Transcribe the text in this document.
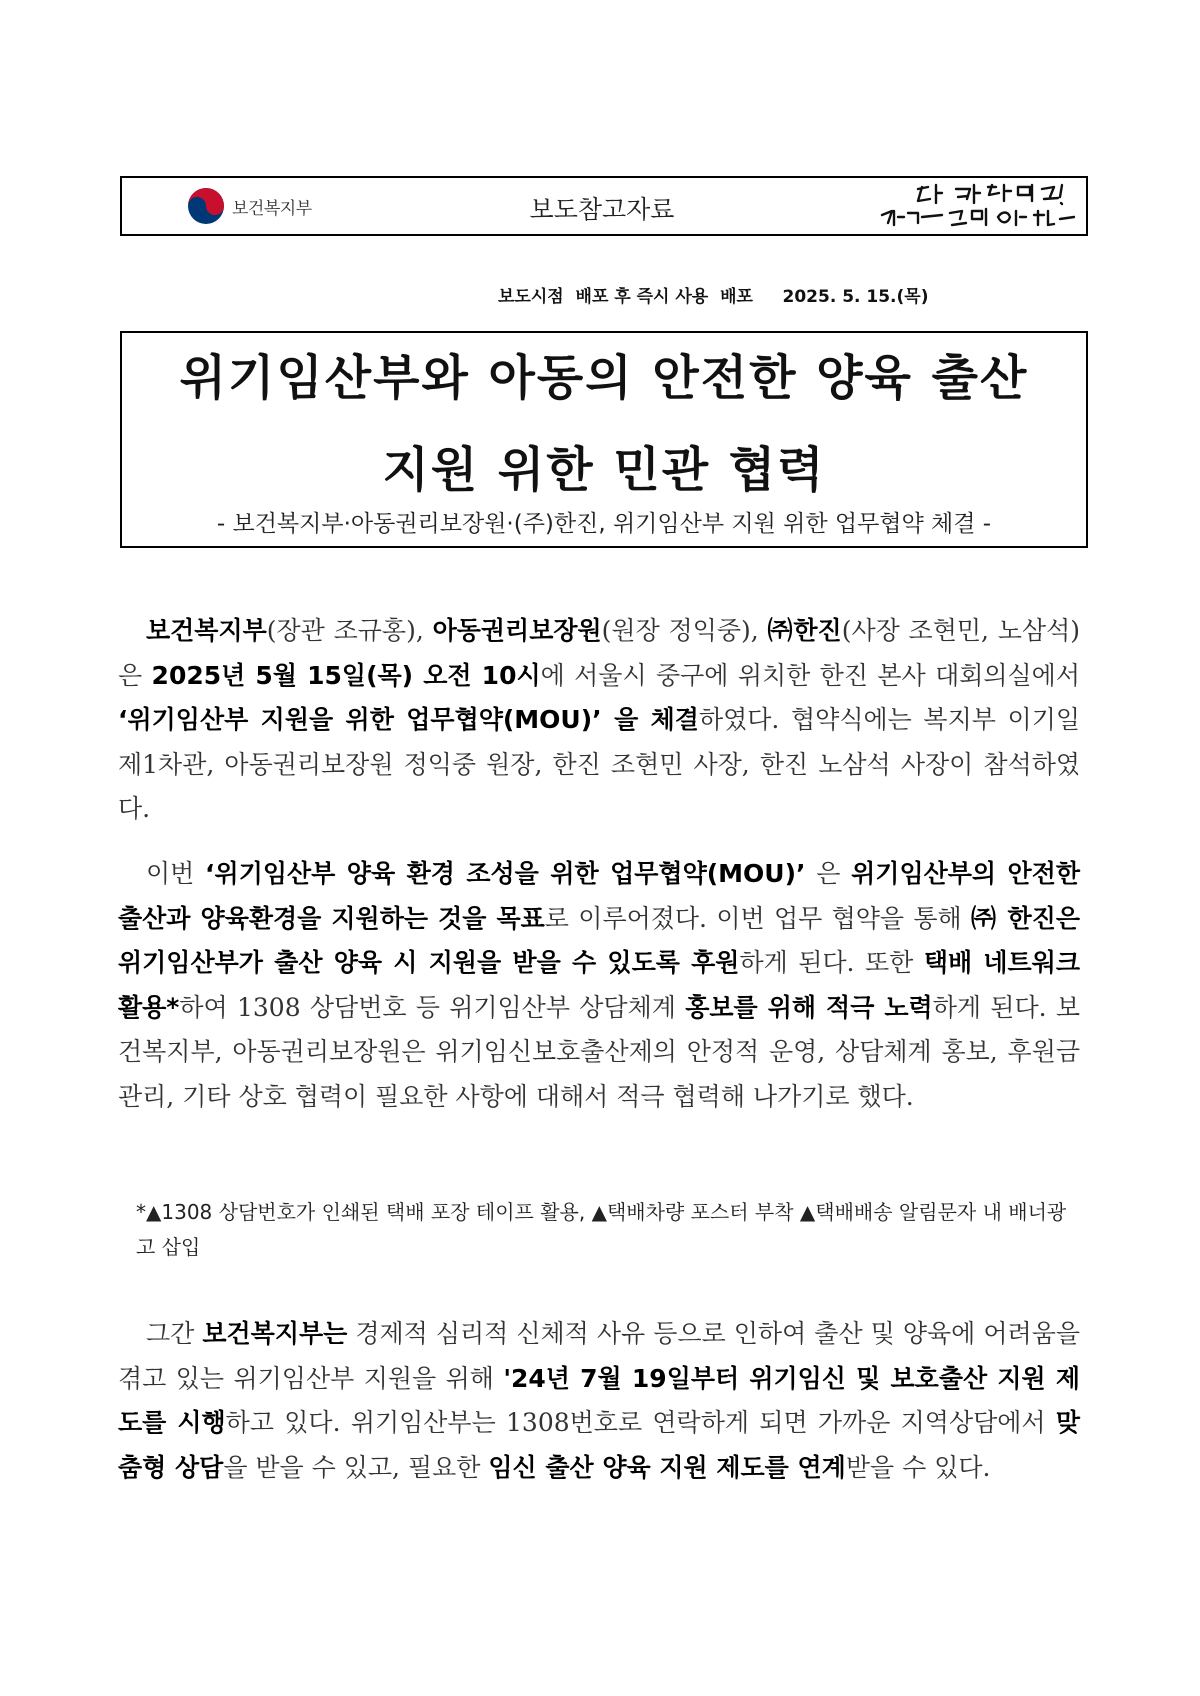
보건복지부	보도참고자료
보도시점  배포 후 즉시 사용  배포     2025. 5. 15.(목)
위기임산부와 아동의 안전한 양육 출산
지원 위한 민관 협력
- 보건복지부·아동권리보장원·(주)한진, 위기임산부 지원 위한 업무협약 체결 -
보건복지부(장관 조규홍), 아동권리보장원(원장 정익중), ㈜한진(사장 조현민, 노삼석)은 2025년 5월 15일(목) 오전 10시에 서울시 중구에 위치한 한진 본사 대회의실에서 ‘위기임산부 지원을 위한 업무협약(MOU)’ 을 체결하였다. 협약식에는 복지부 이기일 제1차관, 아동권리보장원 정익중 원장, 한진 조현민 사장, 한진 노삼석 사장이 참석하였다.
이번 ‘위기임산부 양육 환경 조성을 위한 업무협약(MOU)’ 은 위기임산부의 안전한 출산과 양육환경을 지원하는 것을 목표로 이루어졌다. 이번 업무 협약을 통해 ㈜ 한진은 위기임산부가 출산 양육 시 지원을 받을 수 있도록 후원하게 된다. 또한 택배 네트워크 활용*하여 1308 상담번호 등 위기임산부 상담체계 홍보를 위해 적극 노력하게 된다. 보건복지부, 아동권리보장원은 위기임신보호출산제의 안정적 운영, 상담체계 홍보, 후원금 관리, 기타 상호 협력이 필요한 사항에 대해서 적극 협력해 나가기로 했다.
*▲1308 상담번호가 인쇄된 택배 포장 테이프 활용, ▲택배차량 포스터 부착 ▲택배배송 알림문자 내 배너광고 삽입
그간 보건복지부는 경제적 심리적 신체적 사유 등으로 인하여 출산 및 양육에 어려움을 겪고 있는 위기임산부 지원을 위해 '24년 7월 19일부터 위기임신 및 보호출산 지원 제도를 시행하고 있다. 위기임산부는 1308번호로 연락하게 되면 가까운 지역상담에서 맞춤형 상담을 받을 수 있고, 필요한 임신 출산 양육 지원 제도를 연계받을 수 있다.
